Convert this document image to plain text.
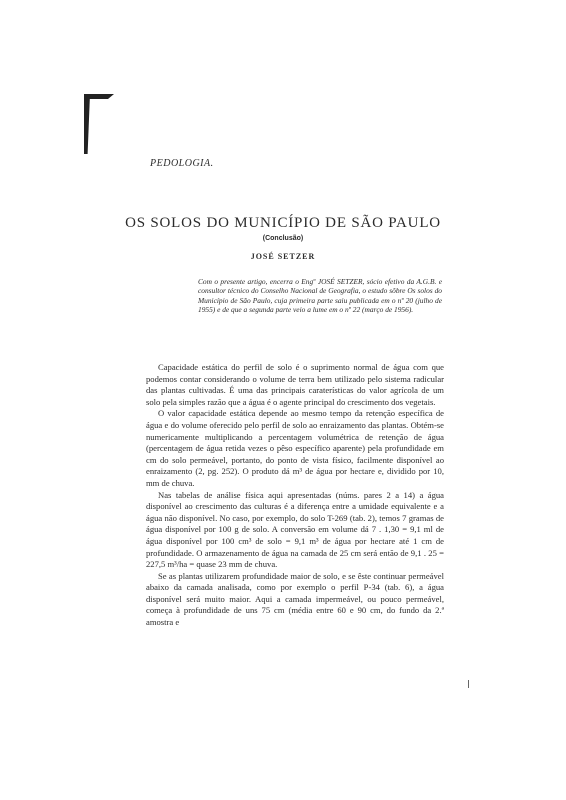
PEDOLOGIA.
OS SOLOS DO MUNICÍPIO DE SÃO PAULO
(Conclusão)
JOSÉ SETZER
Com o presente artigo, encerra o Engº JOSÉ SETZER, sócio efetivo da A.G.B. e consultor técnico do Conselho Nacional de Geografia, o estudo sôbre Os solos do Município de São Paulo, cuja primeira parte saiu publicada em o nº 20 (julho de 1955) e de que a segunda parte veio a lume em o nº 22 (março de 1956).

Capacidade estática do perfil de solo é o suprimento normal de água com que podemos contar considerando o volume de terra bem utilizado pelo sistema radicular das plantas cultivadas. É uma das principais caraterísticas do valor agrícola de um solo pela simples razão que a água é o agente principal do crescimento dos vegetais.

O valor capacidade estática depende ao mesmo tempo da retenção específica de água e do volume oferecido pelo perfil de solo ao enraizamento das plantas. Obtém-se numericamente multiplicando a percentagem volumétrica de retenção de água (percentagem de água retida vezes o pêso específico aparente) pela profundidade em cm do solo permeável, portanto, do ponto de vista físico, facilmente disponível ao enraizamento (2, pg. 252). O produto dá m³ de água por hectare e, dividido por 10, mm de chuva.

Nas tabelas de análise física aqui apresentadas (núms. pares 2 a 14) a água disponível ao crescimento das culturas é a diferença entre a umidade equivalente e a água não disponível. No caso, por exemplo, do solo T-269 (tab. 2), temos 7 gramas de água disponível por 100 g de solo. A conversão em volume dá 7 . 1,30 = 9,1 ml de água disponível por 100 cm³ de solo = 9,1 m³ de água por hectare até 1 cm de profundidade. O armazenamento de água na camada de 25 cm será então de 9,1 . 25 = 227,5 m³/ha = quase 23 mm de chuva.

Se as plantas utilizarem profundidade maior de solo, e se êste continuar permeável abaixo da camada analisada, como por exemplo o perfil P-34 (tab. 6), a água disponível será muito maior. Aqui a camada impermeável, ou pouco permeável, começa à profundidade de uns 75 cm (média entre 60 e 90 cm, do fundo da 2.ª amostra e
